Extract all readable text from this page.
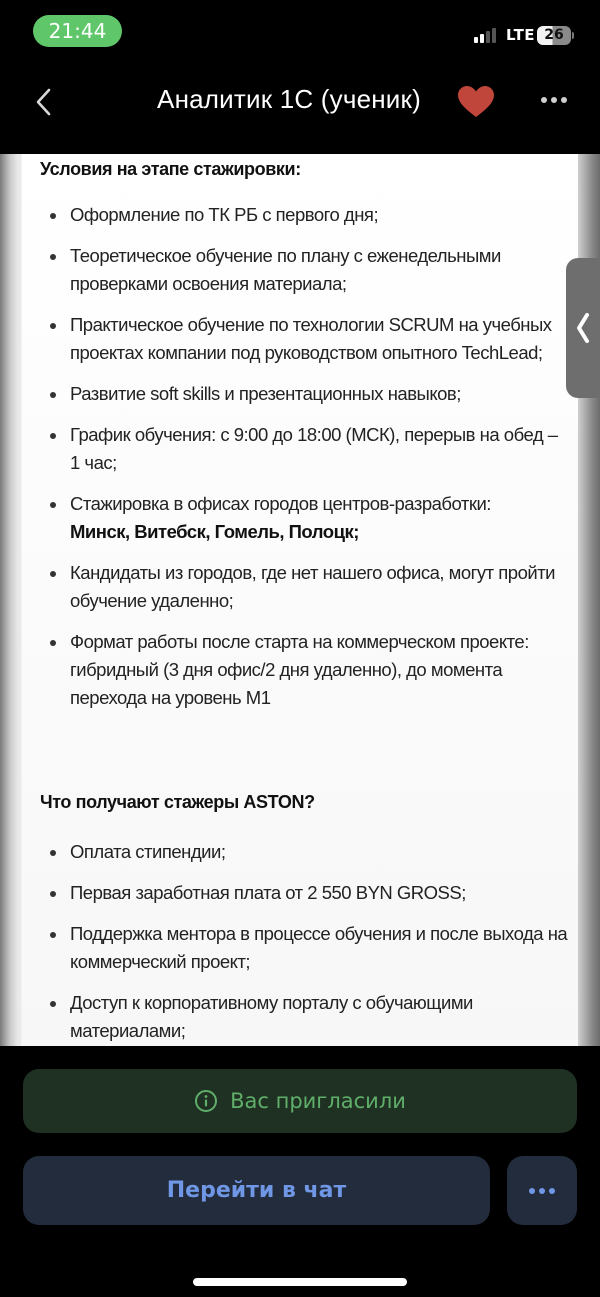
21:44	LTE 26
Аналитик 1С (ученик)
Условия на этапе стажировки:
Оформление по ТК РБ с первого дня;
Теоретическое обучение по плану с еженедельными проверками освоения материала;
Практическое обучение по технологии SCRUM на учебных проектах компании под руководством опытного TechLead;
Развитие soft skills и презентационных навыков;
График обучения: с 9:00 до 18:00 (МСК), перерыв на обед – 1 час;
Стажировка в офисах городов центров-разработки:
Минск, Витебск, Гомель, Полоцк;
Кандидаты из городов, где нет нашего офиса, могут пройти обучение удаленно;
Формат работы после старта на коммерческом проекте: гибридный (3 дня офис/2 дня удаленно), до момента перехода на уровень М1
Что получают стажеры ASTON?
Оплата стипендии;
Первая заработная плата от 2 550 BYN GROSS;
Поддержка ментора в процессе обучения и после выхода на коммерческий проект;
Доступ к корпоративному порталу с обучающими материалами;
Вас пригласили
Перейти в чат
